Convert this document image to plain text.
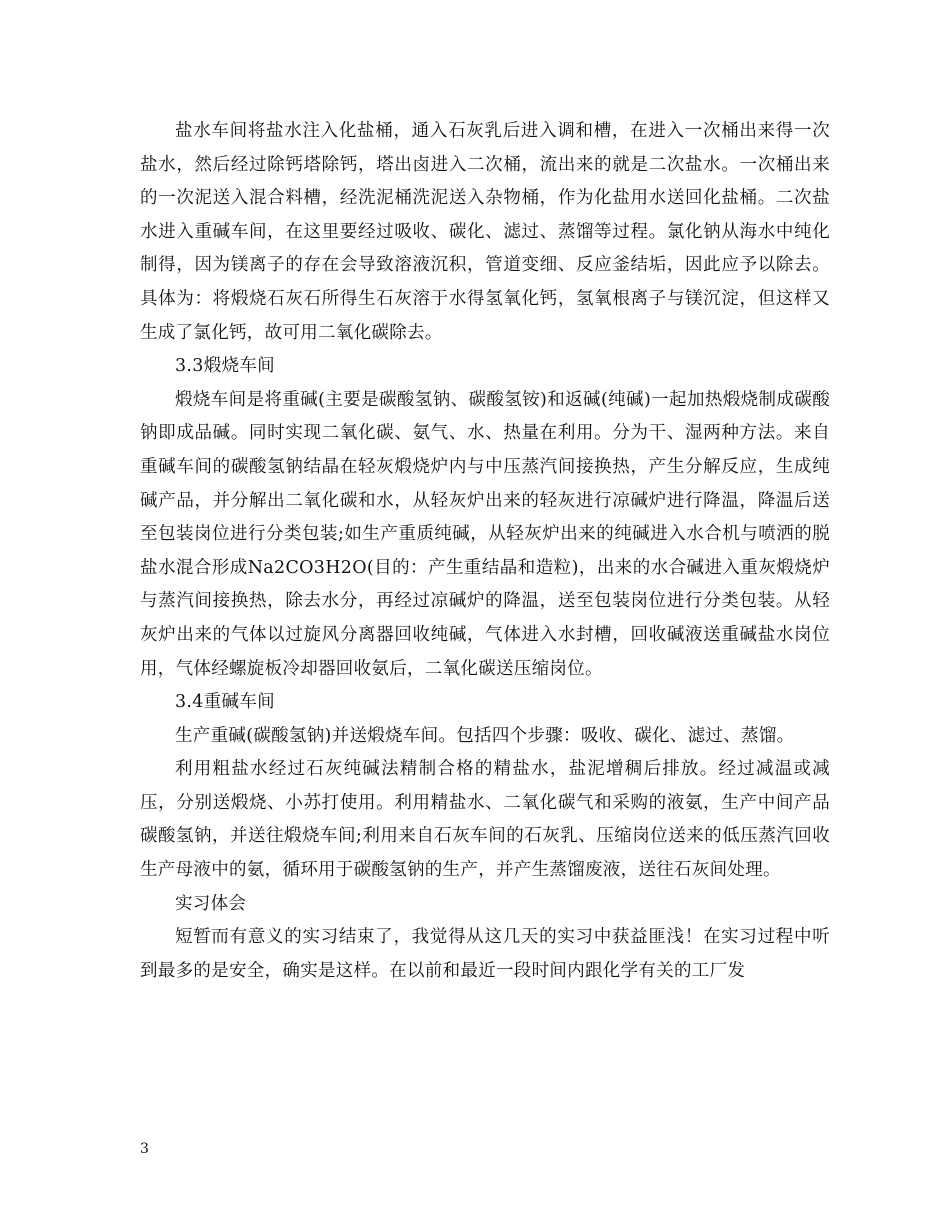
盐水车间将盐水注入化盐桶，通入石灰乳后进入调和槽，在进入一次桶出来得一次盐水，然后经过除钙塔除钙，塔出卤进入二次桶，流出来的就是二次盐水。一次桶出来的一次泥送入混合料槽，经洗泥桶洗泥送入杂物桶，作为化盐用水送回化盐桶。二次盐水进入重碱车间，在这里要经过吸收、碳化、滤过、蒸馏等过程。氯化钠从海水中纯化制得，因为镁离子的存在会导致溶液沉积，管道变细、反应釜结垢，因此应予以除去。具体为：将煅烧石灰石所得生石灰溶于水得氢氧化钙，氢氧根离子与镁沉淀，但这样又生成了氯化钙，故可用二氧化碳除去。

3.3煅烧车间

煅烧车间是将重碱(主要是碳酸氢钠、碳酸氢铵)和返碱(纯碱)一起加热煅烧制成碳酸钠即成品碱。同时实现二氧化碳、氨气、水、热量在利用。分为干、湿两种方法。来自重碱车间的碳酸氢钠结晶在轻灰煅烧炉内与中压蒸汽间接换热，产生分解反应，生成纯碱产品，并分解出二氧化碳和水，从轻灰炉出来的轻灰进行凉碱炉进行降温，降温后送至包装岗位进行分类包装;如生产重质纯碱，从轻灰炉出来的纯碱进入水合机与喷洒的脱盐水混合形成Na2CO3H2O(目的：产生重结晶和造粒)，出来的水合碱进入重灰煅烧炉与蒸汽间接换热，除去水分，再经过凉碱炉的降温，送至包装岗位进行分类包装。从轻灰炉出来的气体以过旋风分离器回收纯碱，气体进入水封槽，回收碱液送重碱盐水岗位用，气体经螺旋板冷却器回收氨后，二氧化碳送压缩岗位。

3.4重碱车间

生产重碱(碳酸氢钠)并送煅烧车间。包括四个步骤：吸收、碳化、滤过、蒸馏。

利用粗盐水经过石灰纯碱法精制合格的精盐水，盐泥增稠后排放。经过减温或减压，分别送煅烧、小苏打使用。利用精盐水、二氧化碳气和采购的液氨，生产中间产品碳酸氢钠，并送往煅烧车间;利用来自石灰车间的石灰乳、压缩岗位送来的低压蒸汽回收生产母液中的氨，循环用于碳酸氢钠的生产，并产生蒸馏废液，送往石灰间处理。

实习体会

短暂而有意义的实习结束了，我觉得从这几天的实习中获益匪浅！在实习过程中听到最多的是安全，确实是这样。在以前和最近一段时间内跟化学有关的工厂发

3
